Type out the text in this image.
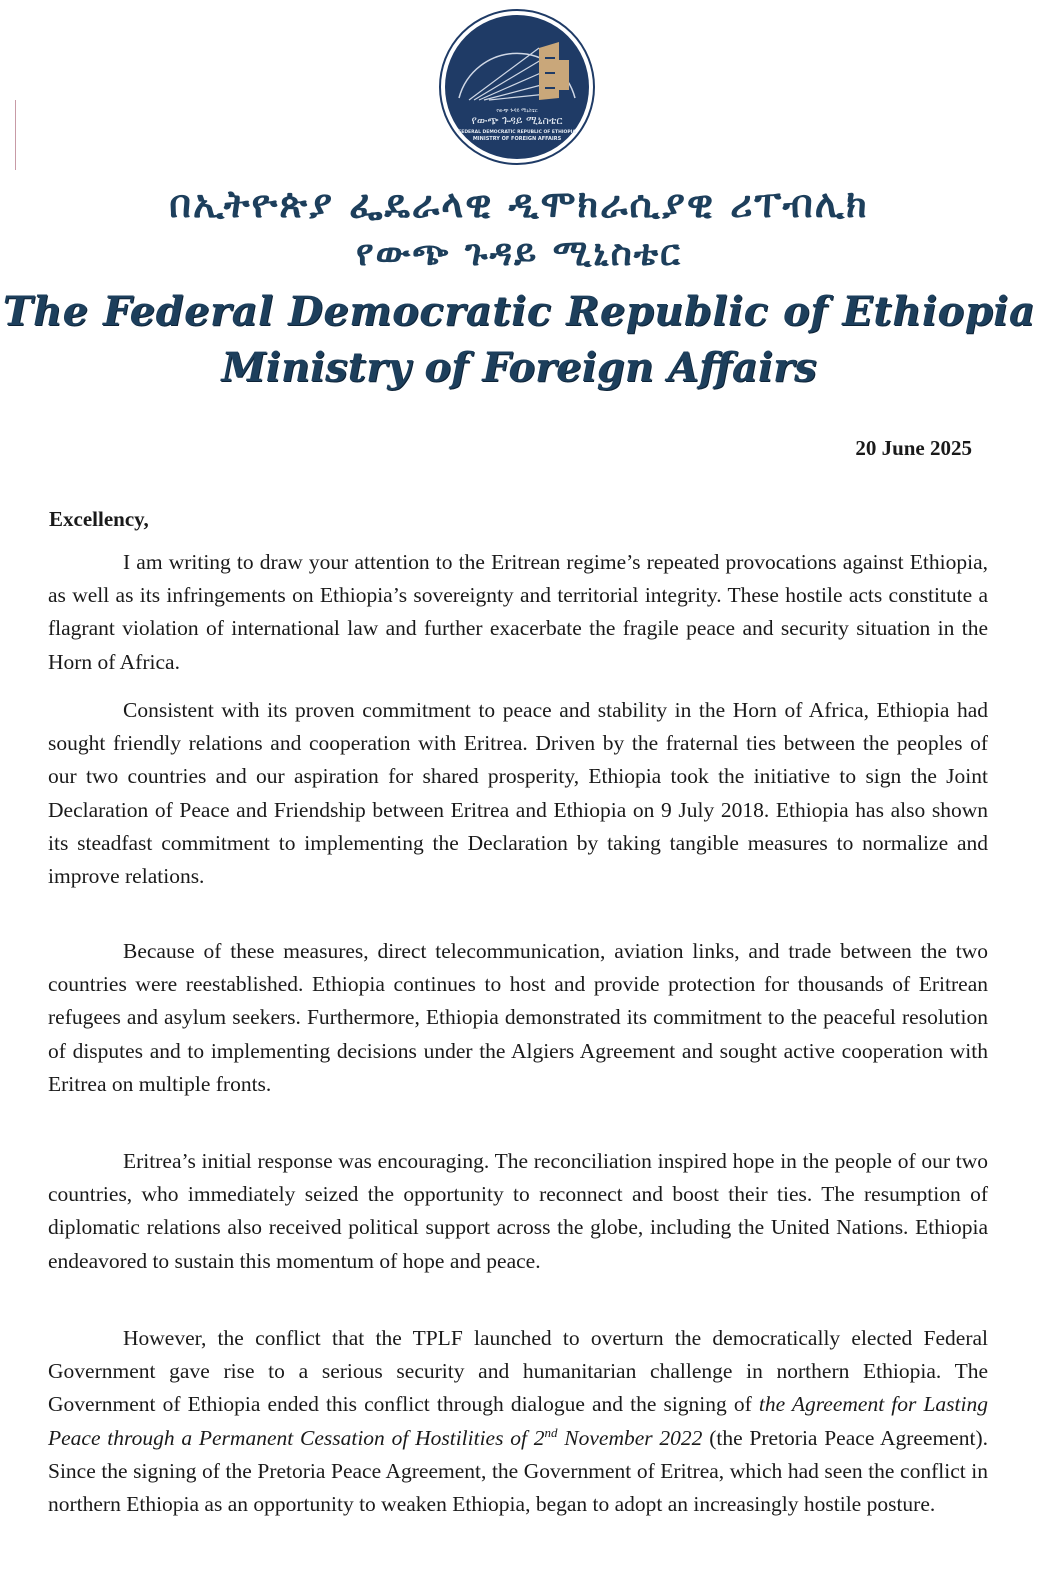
የውጭ ጉዳይ ሚኒስቴር
የውጭ ጉዳይ ሚኒስቴር
FEDERAL DEMOCRATIC REPUBLIC OF ETHIOPIA
MINISTRY OF FOREIGN AFFAIRS
በኢትዮጵያ ፌዴራላዊ ዲሞክራሲያዊ ሪፐብሊክ
የውጭ ጉዳይ ሚኒስቴር
The Federal Democratic Republic of Ethiopia
Ministry of Foreign Affairs
20 June 2025
Excellency,

I am writing to draw your attention to the Eritrean regime’s repeated provocations against Ethiopia, as well as its infringements on Ethiopia’s sovereignty and territorial integrity. These hostile acts constitute a flagrant violation of international law and further exacerbate the fragile peace and security situation in the Horn of Africa.

Consistent with its proven commitment to peace and stability in the Horn of Africa, Ethiopia had sought friendly relations and cooperation with Eritrea. Driven by the fraternal ties between the peoples of our two countries and our aspiration for shared prosperity, Ethiopia took the initiative to sign the Joint Declaration of Peace and Friendship between Eritrea and Ethiopia on 9 July 2018. Ethiopia has also shown its steadfast commitment to implementing the Declaration by taking tangible measures to normalize and improve relations.

Because of these measures, direct telecommunication, aviation links, and trade between the two countries were reestablished. Ethiopia continues to host and provide protection for thousands of Eritrean refugees and asylum seekers. Furthermore, Ethiopia demonstrated its commitment to the peaceful resolution of disputes and to implementing decisions under the Algiers Agreement and sought active cooperation with Eritrea on multiple fronts.

Eritrea’s initial response was encouraging. The reconciliation inspired hope in the people of our two countries, who immediately seized the opportunity to reconnect and boost their ties. The resumption of diplomatic relations also received political support across the globe, including the United Nations. Ethiopia endeavored to sustain this momentum of hope and peace.

However, the conflict that the TPLF launched to overturn the democratically elected Federal Government gave rise to a serious security and humanitarian challenge in northern Ethiopia. The Government of Ethiopia ended this conflict through dialogue and the signing of the Agreement for Lasting Peace through a Permanent Cessation of Hostilities of 2nd November 2022 (the Pretoria Peace Agreement). Since the signing of the Pretoria Peace Agreement, the Government of Eritrea, which had seen the conflict in northern Ethiopia as an opportunity to weaken Ethiopia, began to adopt an increasingly hostile posture.
